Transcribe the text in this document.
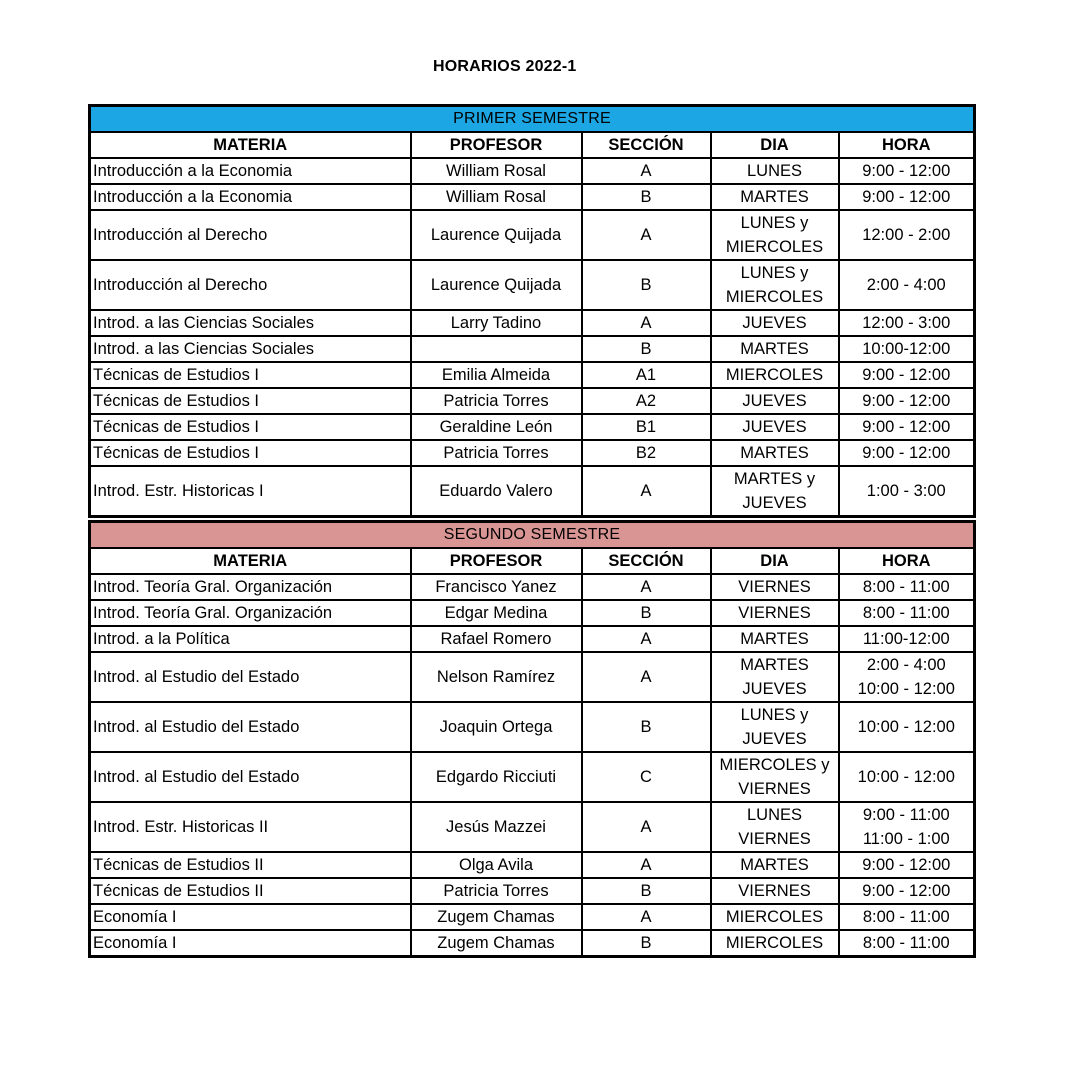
HORARIOS 2022-1
PRIMER SEMESTRE				
MATERIA	PROFESOR	SECCIÓN	DIA	HORA
Introducción a la Economia	William Rosal	A	LUNES	9:00 - 12:00

Introducción a la Economia	William Rosal	B	MARTES	9:00 - 12:00

Introducción al Derecho	Laurence Quijada	A	LUNES y
MIERCOLES	12:00 - 2:00

Introducción al Derecho	Laurence Quijada	B	LUNES y
MIERCOLES	2:00 - 4:00

Introd. a las Ciencias Sociales	Larry Tadino	A	JUEVES	12:00 - 3:00

Introd. a las Ciencias Sociales		B	MARTES	10:00-12:00

Técnicas de Estudios I	Emilia Almeida	A1	MIERCOLES	9:00 - 12:00

Técnicas de Estudios I	Patricia Torres	A2	JUEVES	9:00 - 12:00

Técnicas de Estudios I	Geraldine León	B1	JUEVES	9:00 - 12:00

Técnicas de Estudios I	Patricia Torres	B2	MARTES	9:00 - 12:00

Introd. Estr. Historicas I	Eduardo Valero	A	MARTES y
JUEVES	1:00 - 3:00
SEGUNDO SEMESTRE				
MATERIA	PROFESOR	SECCIÓN	DIA	HORA
Introd. Teoría Gral. Organización	Francisco Yanez	A	VIERNES	8:00 - 11:00

Introd. Teoría Gral. Organización	Edgar Medina	B	VIERNES	8:00 - 11:00

Introd. a la Política	Rafael Romero	A	MARTES	11:00-12:00

Introd. al Estudio del Estado	Nelson Ramírez	A	MARTES
JUEVES	2:00 - 4:00
10:00 - 12:00

Introd. al Estudio del Estado	Joaquin Ortega	B	LUNES y
JUEVES	10:00 - 12:00

Introd. al Estudio del Estado	Edgardo Ricciuti	C	MIERCOLES y
VIERNES	10:00 - 12:00

Introd. Estr. Historicas II	Jesús Mazzei	A	LUNES
VIERNES	9:00 - 11:00
11:00 - 1:00

Técnicas de Estudios II	Olga Avila	A	MARTES	9:00 - 12:00

Técnicas de Estudios II	Patricia Torres	B	VIERNES	9:00 - 12:00

Economía I	Zugem Chamas	A	MIERCOLES	8:00 - 11:00

Economía I	Zugem Chamas	B	MIERCOLES	8:00 - 11:00
